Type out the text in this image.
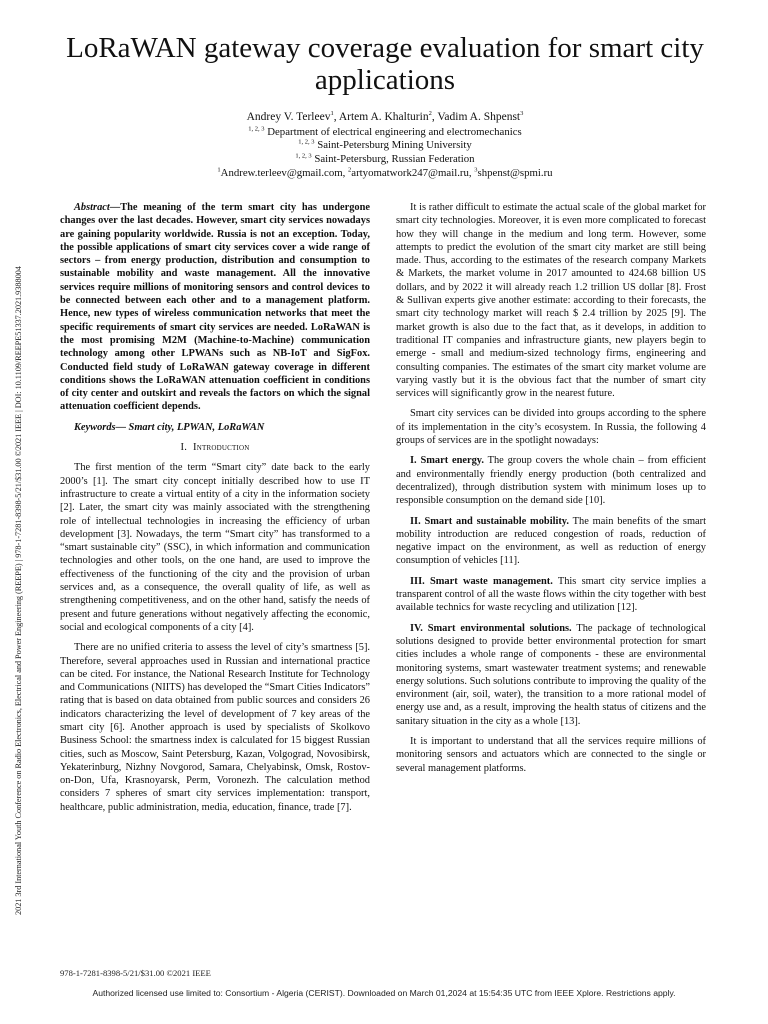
2021 3rd International Youth Conference on Radio Electronics, Electrical and Power Engineering (REEPE) | 978-1-7281-8398-5/21/$31.00 ©2021 IEEE | DOI: 10.1109/REEPE51337.2021.9388004
LoRaWAN gateway coverage evaluation for smart city applications
Andrey V. Terleev$^1$, Artem A. Khalturin$^2$, Vadim A. Shpenst$^3$
$^{1, 2, 3}$ Department of electrical engineering and electromechanics
$^{1, 2, 3}$ Saint-Petersburg Mining University
$^{1, 2, 3}$ Saint-Petersburg, Russian Federation
$^1$Andrew.terleev@gmail.com, $^2$artyomatwork247@mail.ru, $^3$shpenst@spmi.ru

Abstract—The meaning of the term smart city has undergone changes over the last decades. However, smart city services nowadays are gaining popularity worldwide. Russia is not an exception. Today, the possible applications of smart city services cover a wide range of sectors – from energy production, distribution and consumption to sustainable mobility and waste management. All the innovative services require millions of monitoring sensors and control devices to be connected between each other and to a management platform. Hence, new types of wireless communication networks that meet the specific requirements of smart city services are needed. LoRaWAN is the most promising M2M (Machine-to-Machine) communication technology among other LPWANs such as NB-IoT and SigFox. Conducted field study of LoRaWAN gateway coverage in different conditions shows the LoRaWAN attenuation coefficient in conditions of city center and outskirt and reveals the factors on which the signal attenuation coefficient depends.

Keywords— Smart city, LPWAN, LoRaWAN

I. Introduction

The first mention of the term “Smart city” date back to the early 2000’s [1]. The smart city concept initially described how to use IT infrastructure to create a virtual entity of a city in the information society [2]. Later, the smart city was mainly associated with the strengthening role of intellectual technologies in increasing the efficiency of urban development [3]. Nowadays, the term “Smart city” has transformed to a “smart sustainable city” (SSC), in which information and communication technologies and other tools, on the one hand, are used to improve the effectiveness of the functioning of the city and the provision of urban services and, as a consequence, the overall quality of life, as well as strengthening competitiveness, and on the other hand, satisfy the needs of present and future generations without negatively affecting the economic, social and ecological components of a city [4].

There are no unified criteria to assess the level of city’s smartness [5]. Therefore, several approaches used in Russian and international practice can be cited. For instance, the National Research Institute for Technology and Communications (NIITS) has developed the “Smart Cities Indicators” rating that is based on data obtained from public sources and considers 26 indicators characterizing the level of development of 7 key areas of the smart city [6]. Another approach is used by specialists of Skolkovo Business School: the smartness index is calculated for 15 biggest Russian cities, such as Moscow, Saint Petersburg, Kazan, Volgograd, Novosibirsk, Yekaterinburg, Nizhny Novgorod, Samara, Chelyabinsk, Omsk, Rostov-on-Don, Ufa, Krasnoyarsk, Perm, Voronezh. The calculation method considers 7 spheres of smart city services implementation: transport, healthcare, public administration, media, education, finance, trade [7].

It is rather difficult to estimate the actual scale of the global market for smart city technologies. Moreover, it is even more complicated to forecast how they will change in the medium and long term. However, some attempts to predict the evolution of the smart city market are still being made. Thus, according to the estimates of the research company Markets & Markets, the market volume in 2017 amounted to 424.68 billion US dollars, and by 2022 it will already reach 1.2 trillion US dollar [8]. Frost & Sullivan experts give another estimate: according to their forecasts, the smart city technology market will reach $ 2.4 trillion by 2025 [9]. The market growth is also due to the fact that, as it develops, in addition to traditional IT companies and infrastructure giants, new players begin to emerge - small and medium-sized technology firms, engineering and consulting companies. The estimates of the smart city market volume are varying vastly but it is the obvious fact that the number of smart city services will significantly grow in the nearest future.

Smart city services can be divided into groups according to the sphere of its implementation in the city’s ecosystem. In Russia, the following 4 groups of services are in the spotlight nowadays:

I. Smart energy. The group covers the whole chain – from efficient and environmentally friendly energy production (both centralized and decentralized), through distribution system with minimum loses up to responsible consumption on the demand side [10].

II. Smart and sustainable mobility. The main benefits of the smart mobility introduction are reduced congestion of roads, reduction of negative impact on the environment, as well as reduction of energy consumption of vehicles [11].

III. Smart waste management. This smart city service implies a transparent control of all the waste flows within the city together with best available technics for waste recycling and utilization [12].

IV. Smart environmental solutions. The package of technological solutions designed to provide better environmental protection for smart cities includes a whole range of components - these are environmental monitoring systems, smart wastewater treatment systems; and renewable energy solutions. Such solutions contribute to improving the quality of the environment (air, soil, water), the transition to a more rational model of energy use and, as a result, improving the health status of citizens and the sanitary situation in the city as a whole [13].

It is important to understand that all the services require millions of monitoring sensors and actuators which are connected to the single or several management platforms.

978-1-7281-8398-5/21/$31.00 ©2021 IEEE
Authorized licensed use limited to: Consortium - Algeria (CERIST). Downloaded on March 01,2024 at 15:54:35 UTC from IEEE Xplore. Restrictions apply.
